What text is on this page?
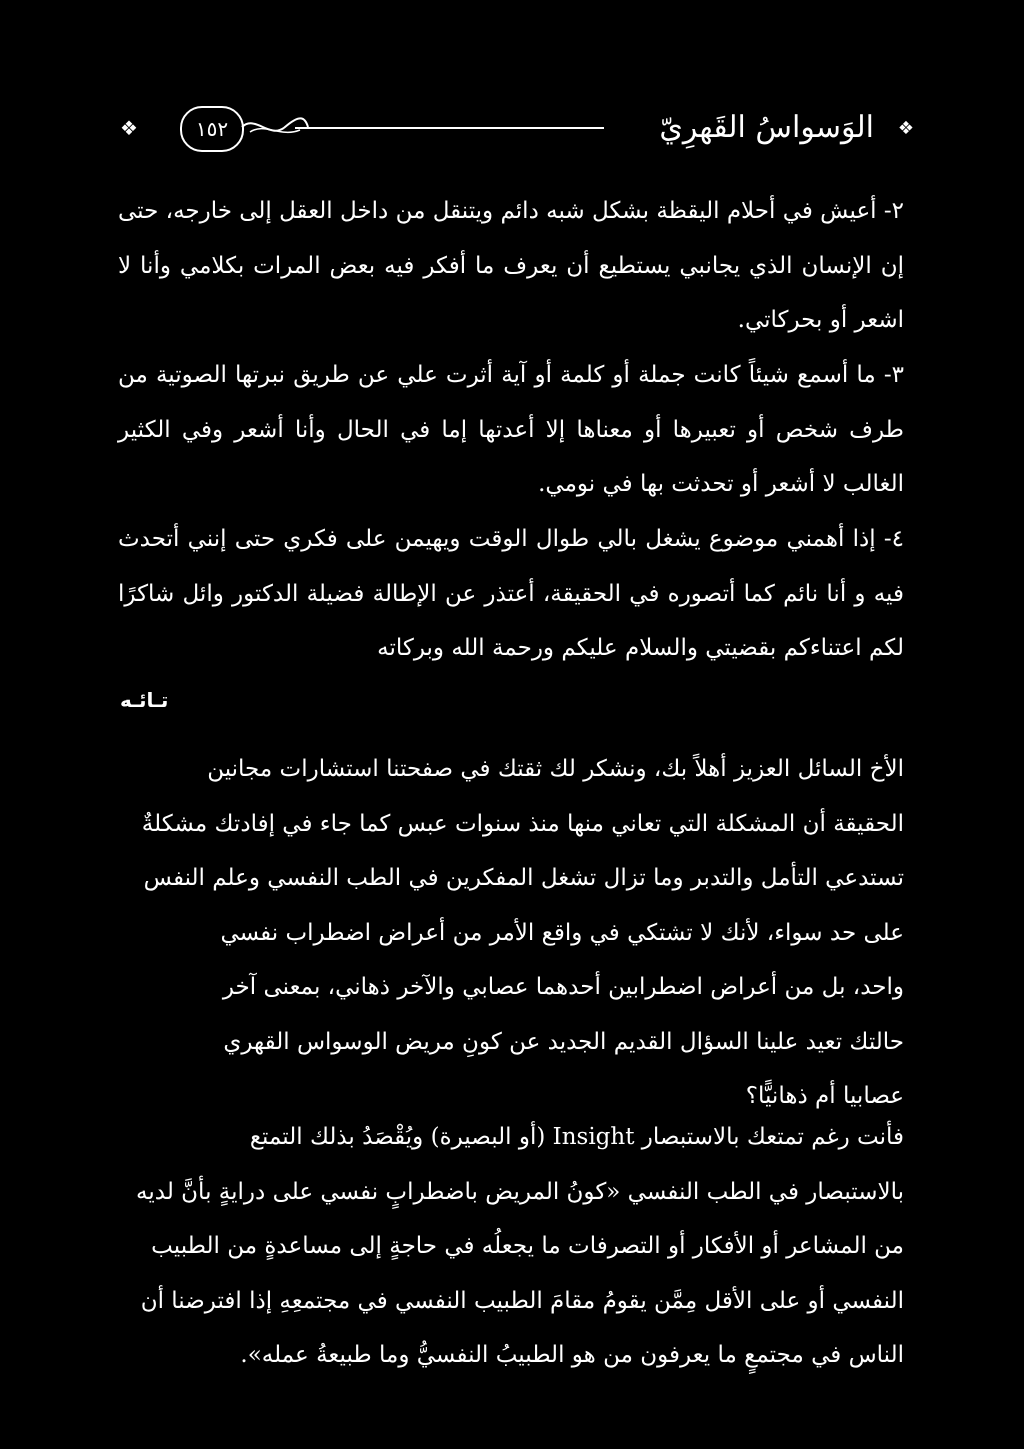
❖
الوَسواسُ القَهرِيّ
١٥٢
❖

٢- أعيش في أحلام اليقظة بشكل شبه دائم ويتنقل من داخل العقل إلى خارجه، حتى إن الإنسان الذي يجانبي يستطيع أن يعرف ما أفكر فيه بعض المرات بكلامي وأنا لا اشعر أو بحركاتي.

٣- ما أسمع شيئاً كانت جملة أو كلمة أو آية أثرت علي عن طريق نبرتها الصوتية من طرف شخص أو تعبيرها أو معناها إلا أعدتها إما في الحال وأنا أشعر وفي الكثير الغالب لا أشعر أو تحدثت بها في نومي.

٤- إذا أهمني موضوع يشغل بالي طوال الوقت ويهيمن على فكري حتى إنني أتحدث فيه و أنا نائم كما أتصوره في الحقيقة، أعتذر عن الإطالة فضيلة الدكتور وائل شاكرًا لكم اعتناءكم بقضيتي والسلام عليكم ورحمة الله وبركاته

تـائـه

الأخ السائل العزيز أهلاً بك، ونشكر لك ثقتك في صفحتنا استشارات مجانين

الحقيقة أن المشكلة التي تعاني منها منذ سنوات عبس كما جاء في إفادتك مشكلةٌ

تستدعي التأمل والتدبر وما تزال تشغل المفكرين في الطب النفسي وعلم النفس

على حد سواء، لأنك لا تشتكي في واقع الأمر من أعراض اضطراب نفسي

واحد، بل من أعراض اضطرابين أحدهما عصابي والآخر ذهاني، بمعنى آخر

حالتك تعيد علينا السؤال القديم الجديد عن كونِ مريض الوسواس القهري

عصابيا أم ذهانيًّا؟

فأنت رغم تمتعك بالاستبصار Insight (أو البصيرة) ويُقْصَدُ بذلك التمتع

بالاستبصار في الطب النفسي «كونُ المريض باضطرابٍ نفسي على درايةٍ بأنَّ لديه

من المشاعر أو الأفكار أو التصرفات ما يجعلُه في حاجةٍ إلى مساعدةٍ من الطبيب

النفسي أو على الأقل مِمَّن يقومُ مقامَ الطبيب النفسي في مجتمعِهِ إذا افترضنا أن

الناس في مجتمعٍ ما يعرفون من هو الطبيبُ النفسيُّ وما طبيعةُ عمله».
